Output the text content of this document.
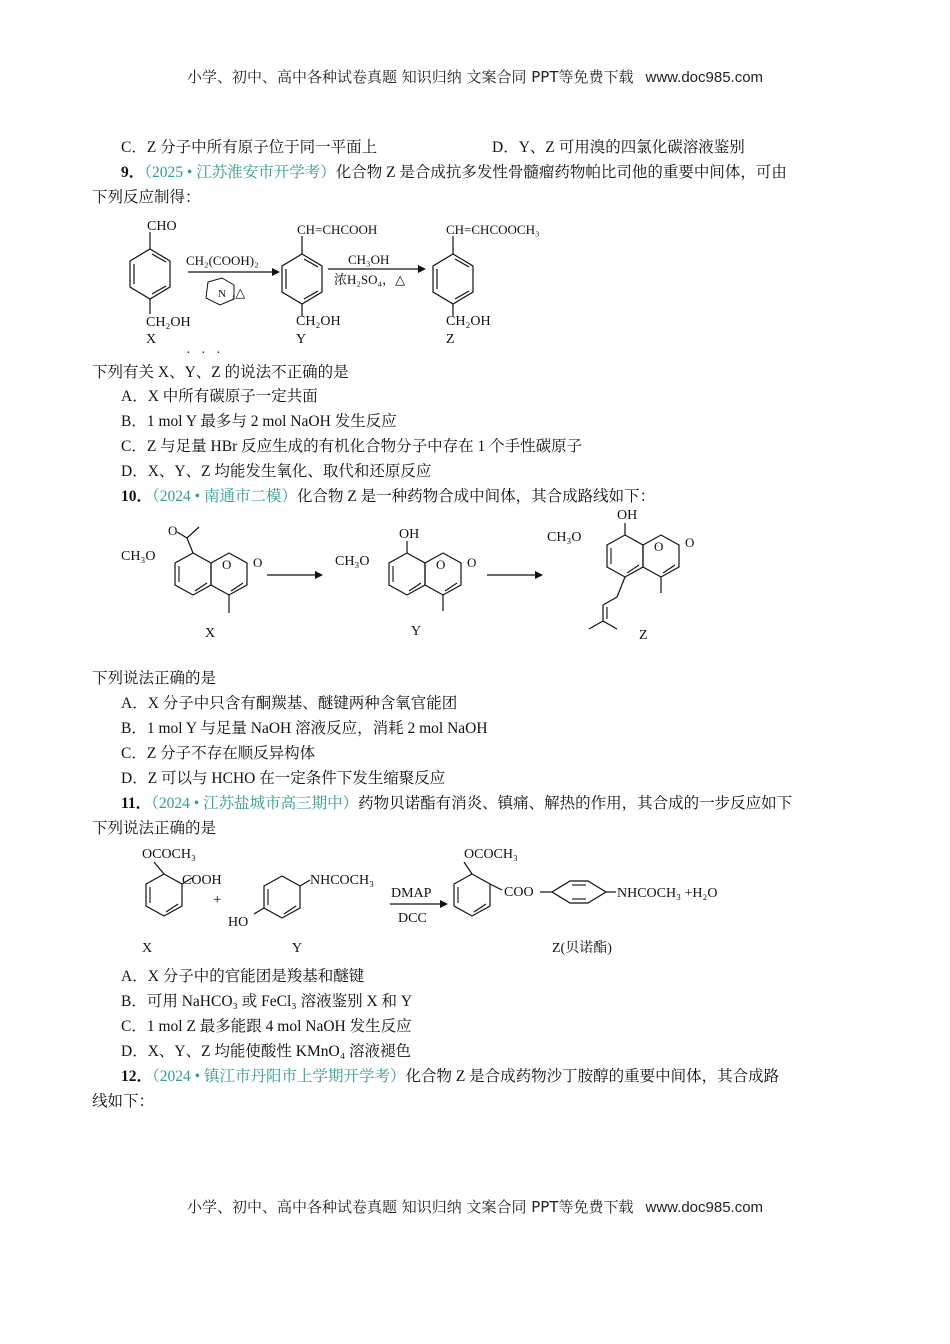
小学、初中、高中各种试卷真题 知识归纳 文案合同 PPT等免费下载 www.doc985.com
C．Z 分子中所有原子位于同一平面上	D．Y、Z 可用溴的四氯化碳溶液鉴别
9．（2025 • 江苏淮安市开学考）化合物 Z 是合成抗多发性骨髓瘤药物帕比司他的重要中间体，可由
下列反应制得：
CHO
CH₂OH
X
CH₂(COOH)₂
N ,△
CH=CHCOOH
CH₂OH
Y
CH₃OH
浓H₂SO₄，△
CH=CHCOOCH₃
CH₂OH
Z
· · ·
下列有关 X、Y、Z 的说法不正确的是
A．X 中所有碳原子一定共面
B．1 mol Y 最多与 2 mol NaOH 发生反应
C．Z 与足量 HBr 反应生成的有机化合物分子中存在 1 个手性碳原子
D．X、Y、Z 均能发生氧化、取代和还原反应
10．（2024 • 南通市二模）化合物 Z 是一种药物合成中间体，其合成路线如下：
O
CH₃O
O O
X
OH
CH₃O	O O
Y
OH
CH₃O
O O
Z
下列说法正确的是
A．X 分子中只含有酮羰基、醚键两种含氧官能团
B．1 mol Y 与足量 NaOH 溶液反应，消耗 2 mol NaOH
C．Z 分子不存在顺反异构体
D．Z 可以与 HCHO 在一定条件下发生缩聚反应
11．（2024 • 江苏盐城市高三期中）药物贝诺酯有消炎、镇痛、解热的作用，其合成的一步反应如下
下列说法正确的是
OCOCH₃
COOH
X
+
NHCOCH₃
HO
Y
DMAP
DCC
OCOCH₃
COO	NHCOCH₃ +H₂O
Z(贝诺酯)
A．X 分子中的官能团是羧基和醚键
B．可用 NaHCO₃ 或 FeCl₃ 溶液鉴别 X 和 Y
C．1 mol Z 最多能跟 4 mol NaOH 发生反应
D．X、Y、Z 均能使酸性 KMnO₄ 溶液褪色
12．（2024 • 镇江市丹阳市上学期开学考）化合物 Z 是合成药物沙丁胺醇的重要中间体，其合成路
线如下：
小学、初中、高中各种试卷真题 知识归纳 文案合同 PPT等免费下载 www.doc985.com
